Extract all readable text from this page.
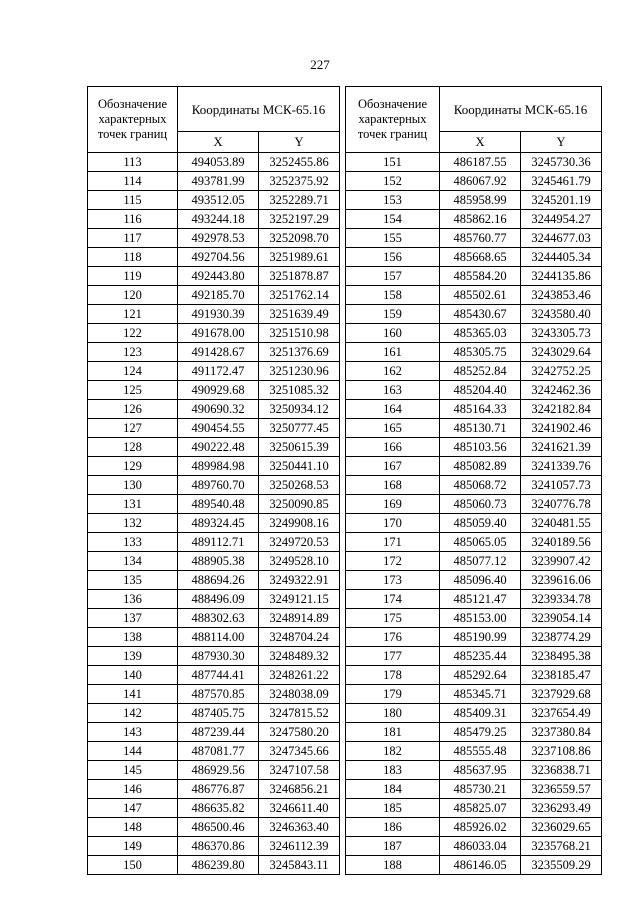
227
Обозначение характерных точек границ	Координаты МСК-65.16	
	X	Y
113	494053.89	3252455.86
114	493781.99	3252375.92
115	493512.05	3252289.71
116	493244.18	3252197.29
117	492978.53	3252098.70
118	492704.56	3251989.61
119	492443.80	3251878.87
120	492185.70	3251762.14
121	491930.39	3251639.49
122	491678.00	3251510.98
123	491428.67	3251376.69
124	491172.47	3251230.96
125	490929.68	3251085.32
126	490690.32	3250934.12
127	490454.55	3250777.45
128	490222.48	3250615.39
129	489984.98	3250441.10
130	489760.70	3250268.53
131	489540.48	3250090.85
132	489324.45	3249908.16
133	489112.71	3249720.53
134	488905.38	3249528.10
135	488694.26	3249322.91
136	488496.09	3249121.15
137	488302.63	3248914.89
138	488114.00	3248704.24
139	487930.30	3248489.32
140	487744.41	3248261.22
141	487570.85	3248038.09
142	487405.75	3247815.52
143	487239.44	3247580.20
144	487081.77	3247345.66
145	486929.56	3247107.58
146	486776.87	3246856.21
147	486635.82	3246611.40
148	486500.46	3246363.40
149	486370.86	3246112.39
150	486239.80	3245843.11
Обозначение характерных точек границ	Координаты МСК-65.16	
	X	Y
151	486187.55	3245730.36
152	486067.92	3245461.79
153	485958.99	3245201.19
154	485862.16	3244954.27
155	485760.77	3244677.03
156	485668.65	3244405.34
157	485584.20	3244135.86
158	485502.61	3243853.46
159	485430.67	3243580.40
160	485365.03	3243305.73
161	485305.75	3243029.64
162	485252.84	3242752.25
163	485204.40	3242462.36
164	485164.33	3242182.84
165	485130.71	3241902.46
166	485103.56	3241621.39
167	485082.89	3241339.76
168	485068.72	3241057.73
169	485060.73	3240776.78
170	485059.40	3240481.55
171	485065.05	3240189.56
172	485077.12	3239907.42
173	485096.40	3239616.06
174	485121.47	3239334.78
175	485153.00	3239054.14
176	485190.99	3238774.29
177	485235.44	3238495.38
178	485292.64	3238185.47
179	485345.71	3237929.68
180	485409.31	3237654.49
181	485479.25	3237380.84
182	485555.48	3237108.86
183	485637.95	3236838.71
184	485730.21	3236559.57
185	485825.07	3236293.49
186	485926.02	3236029.65
187	486033.04	3235768.21
188	486146.05	3235509.29
